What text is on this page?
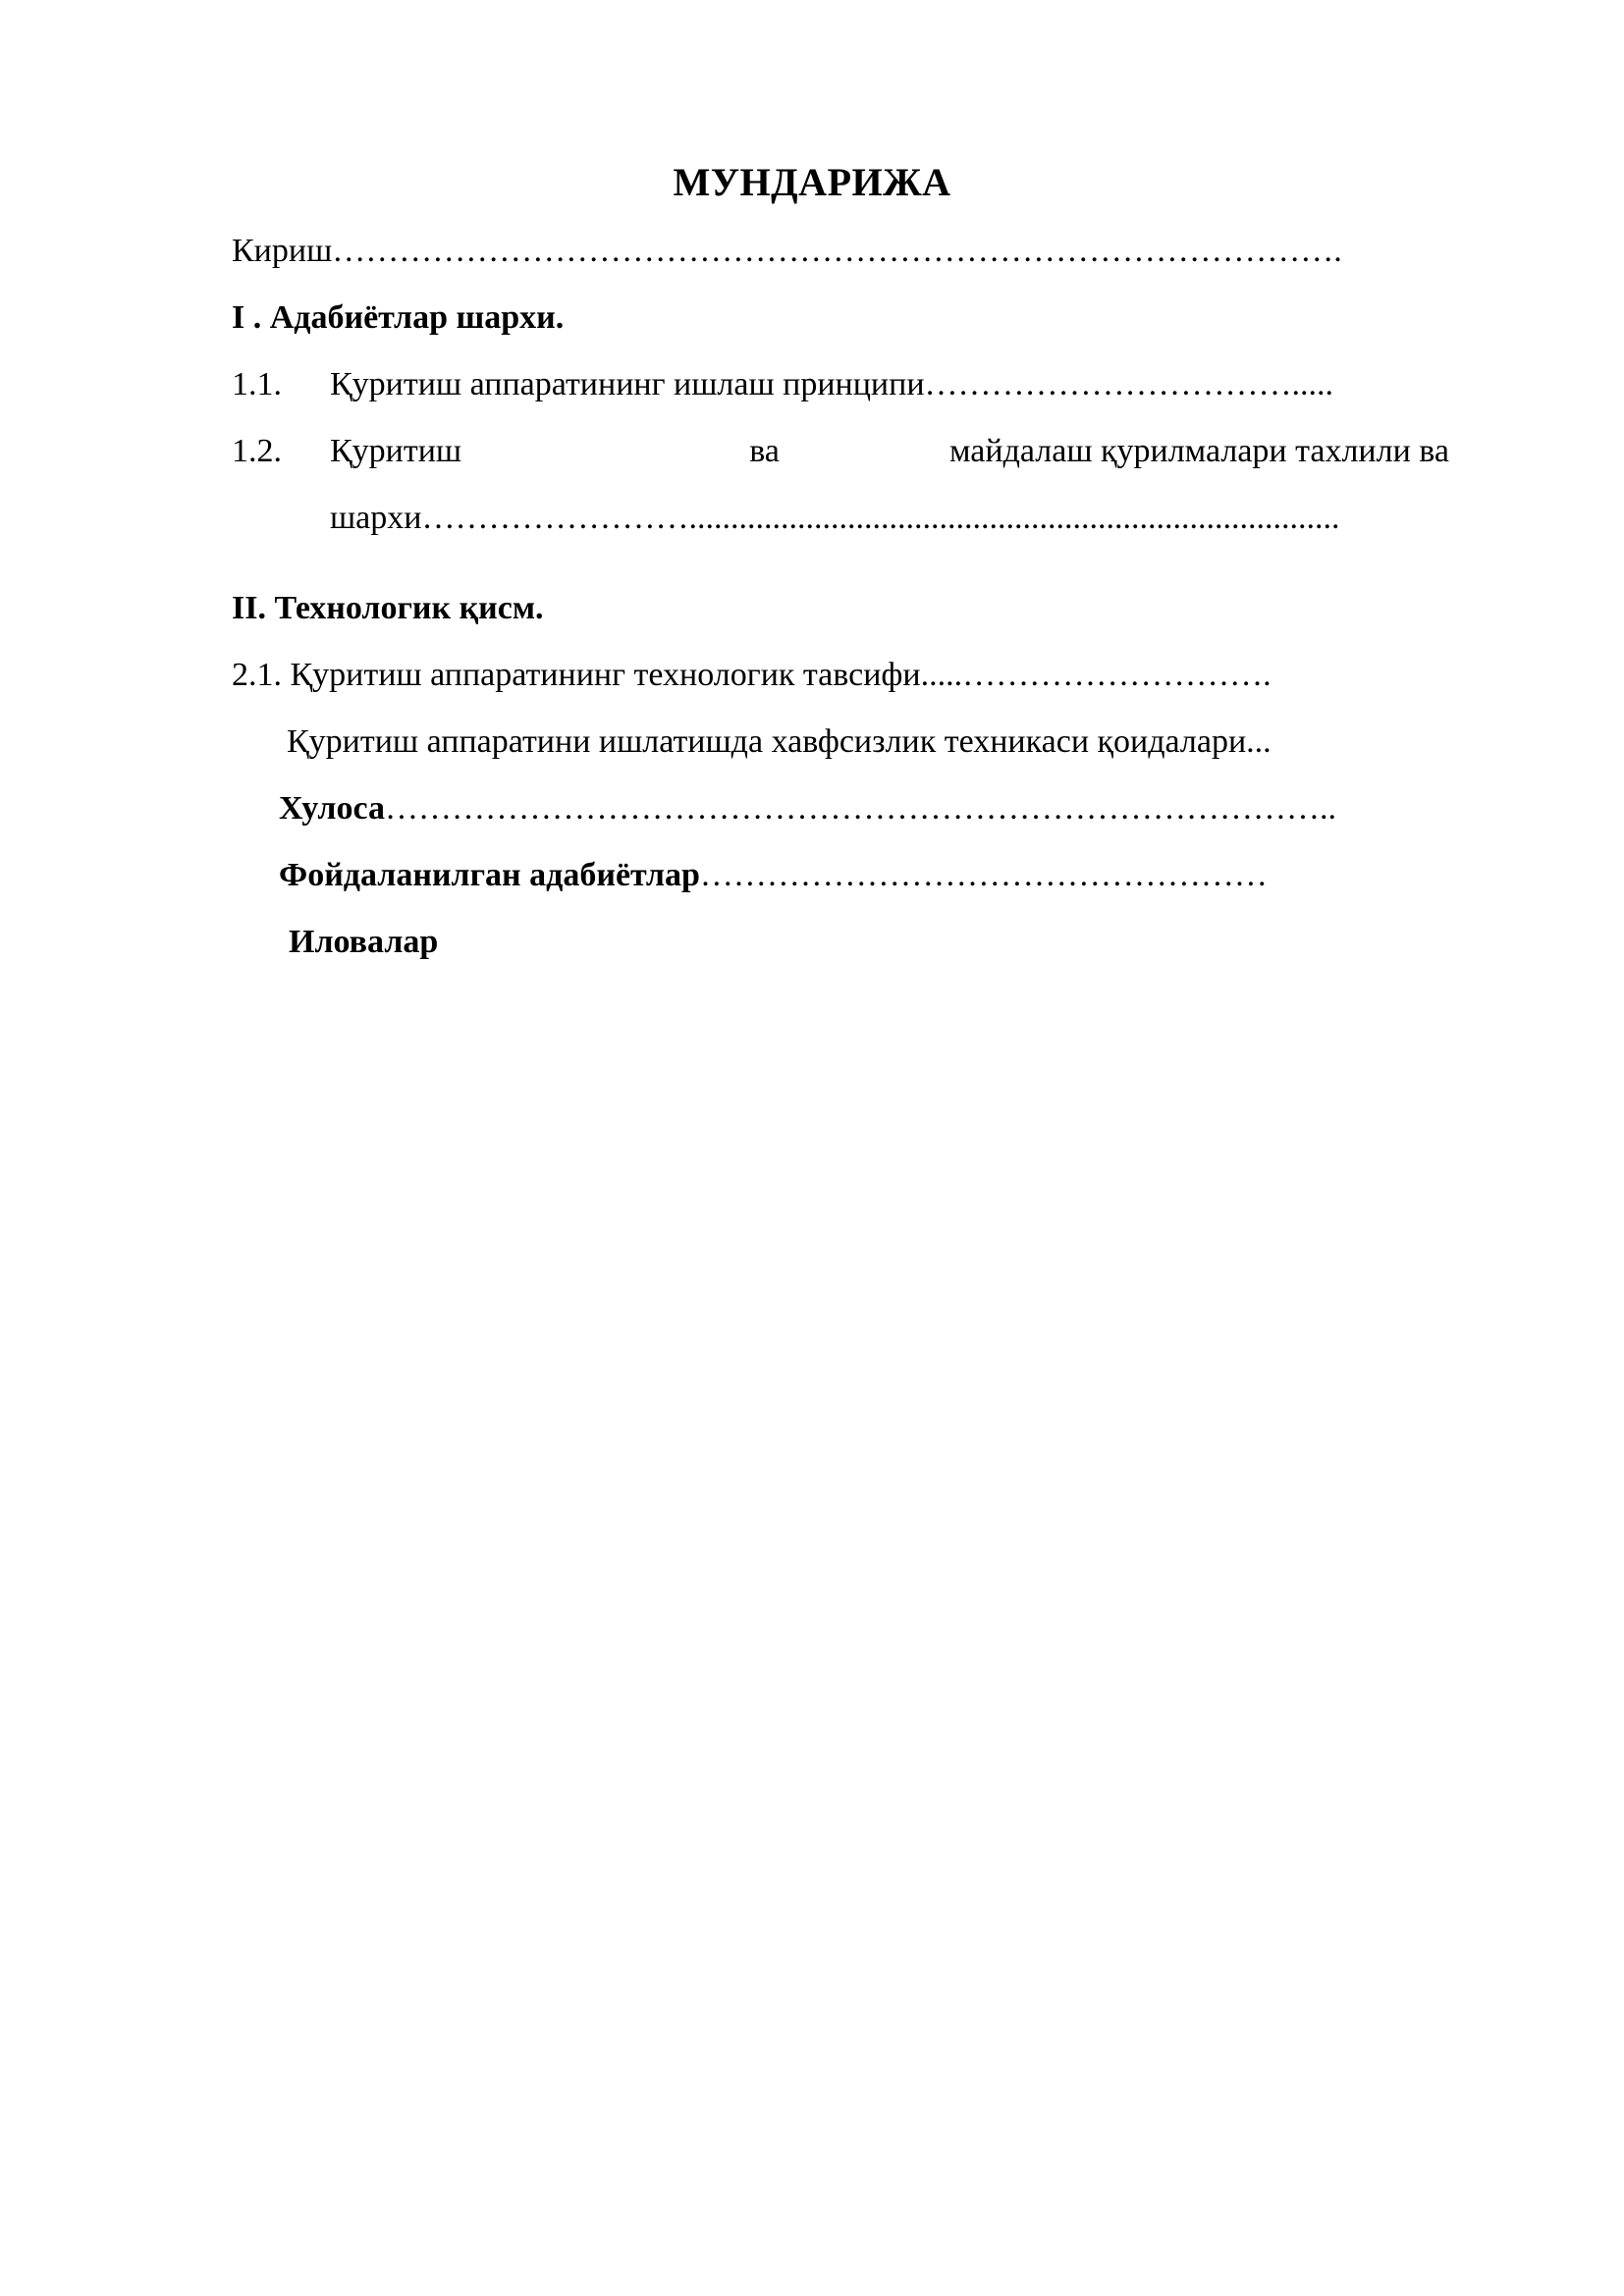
МУНДАРИЖА
Кириш……………………………………………………………………………….
I . Адабиётлар шархи.
1.1. Қуритиш аппаратининг ишлаш принципи…………………………….....
1.2. Қуритиш	ва	майдалаш қурилмалари тахлили ва
шархи……………………..............................................................................
II. Технологик қисм.
2.1. Қуритиш аппаратининг технологик тавсифи.....……………………….
Қуритиш аппаратини ишлатишда хавфсизлик техникаси қоидалари...
Хулоса…………………………………………………………………………..
Фойдаланилган адабиётлар……………………………………………
Иловалар
